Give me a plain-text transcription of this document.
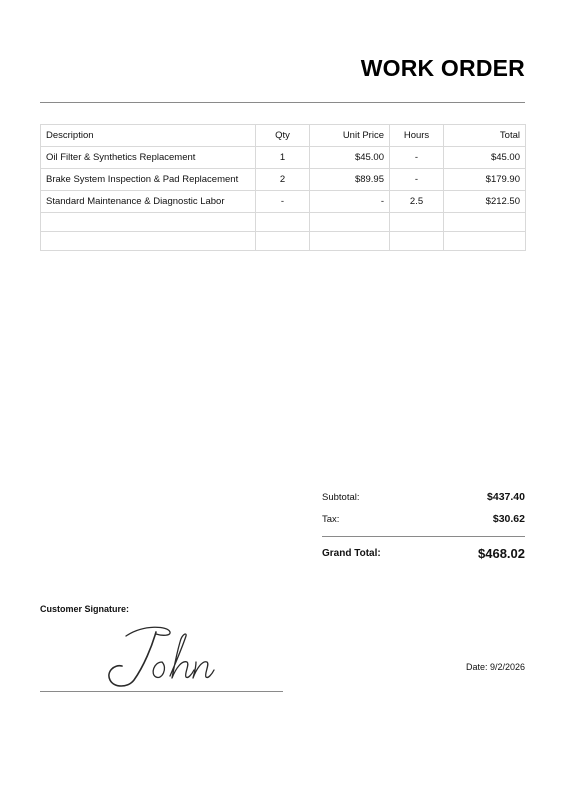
WORK ORDER
Description	Qty	Unit Price	Hours	Total
Oil Filter & Synthetics Replacement	1	$45.00	-	$45.00
Brake System Inspection & Pad Replacement	2	$89.95	-	$179.90
Standard Maintenance & Diagnostic Labor	-	-	2.5	$212.50

Subtotal:	$437.40
Tax:	$30.62
Grand Total:	$468.02
Customer Signature:
Date: 9/2/2026
